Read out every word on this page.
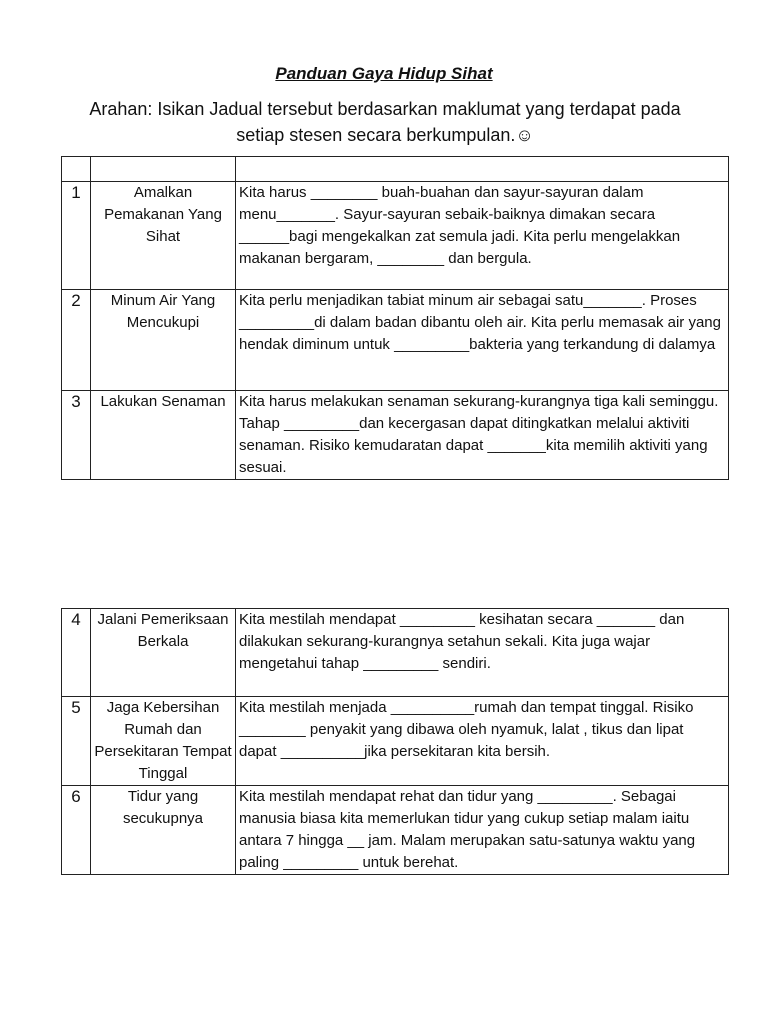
Panduan Gaya Hidup Sihat
Arahan: Isikan Jadual tersebut berdasarkan maklumat yang terdapat pada
setiap stesen secara berkumpulan.☺

1	Amalkan Pemakanan Yang Sihat	Kita harus ________ buah-buahan dan sayur-sayuran dalam menu_______. Sayur-sayuran sebaik-baiknya dimakan secara ______bagi mengekalkan zat semula jadi. Kita perlu mengelakkan makanan bergaram, ________ dan bergula.
2	Minum Air Yang Mencukupi	Kita perlu menjadikan tabiat minum air sebagai satu_______. Proses _________di dalam badan dibantu oleh air. Kita perlu memasak air yang hendak diminum untuk _________bakteria yang terkandung di dalamya
3	Lakukan Senaman	Kita harus melakukan senaman sekurang-kurangnya tiga kali seminggu. Tahap _________dan kecergasan dapat ditingkatkan melalui aktiviti senaman. Risiko kemudaratan dapat _______kita memilih aktiviti yang sesuai.
4	Jalani Pemeriksaan Berkala	Kita mestilah mendapat _________ kesihatan secara _______ dan dilakukan sekurang-kurangnya setahun sekali. Kita juga wajar mengetahui tahap _________ sendiri.
5	Jaga Kebersihan Rumah dan Persekitaran Tempat Tinggal	Kita mestilah menjada __________rumah dan tempat tinggal. Risiko ________ penyakit yang dibawa oleh nyamuk, lalat , tikus dan lipat dapat __________jika persekitaran kita bersih.
6	Tidur yang secukupnya	Kita mestilah mendapat rehat dan tidur yang _________. Sebagai manusia biasa kita memerlukan tidur yang cukup setiap malam iaitu antara 7 hingga __ jam. Malam merupakan satu-satunya waktu yang paling _________ untuk berehat.
